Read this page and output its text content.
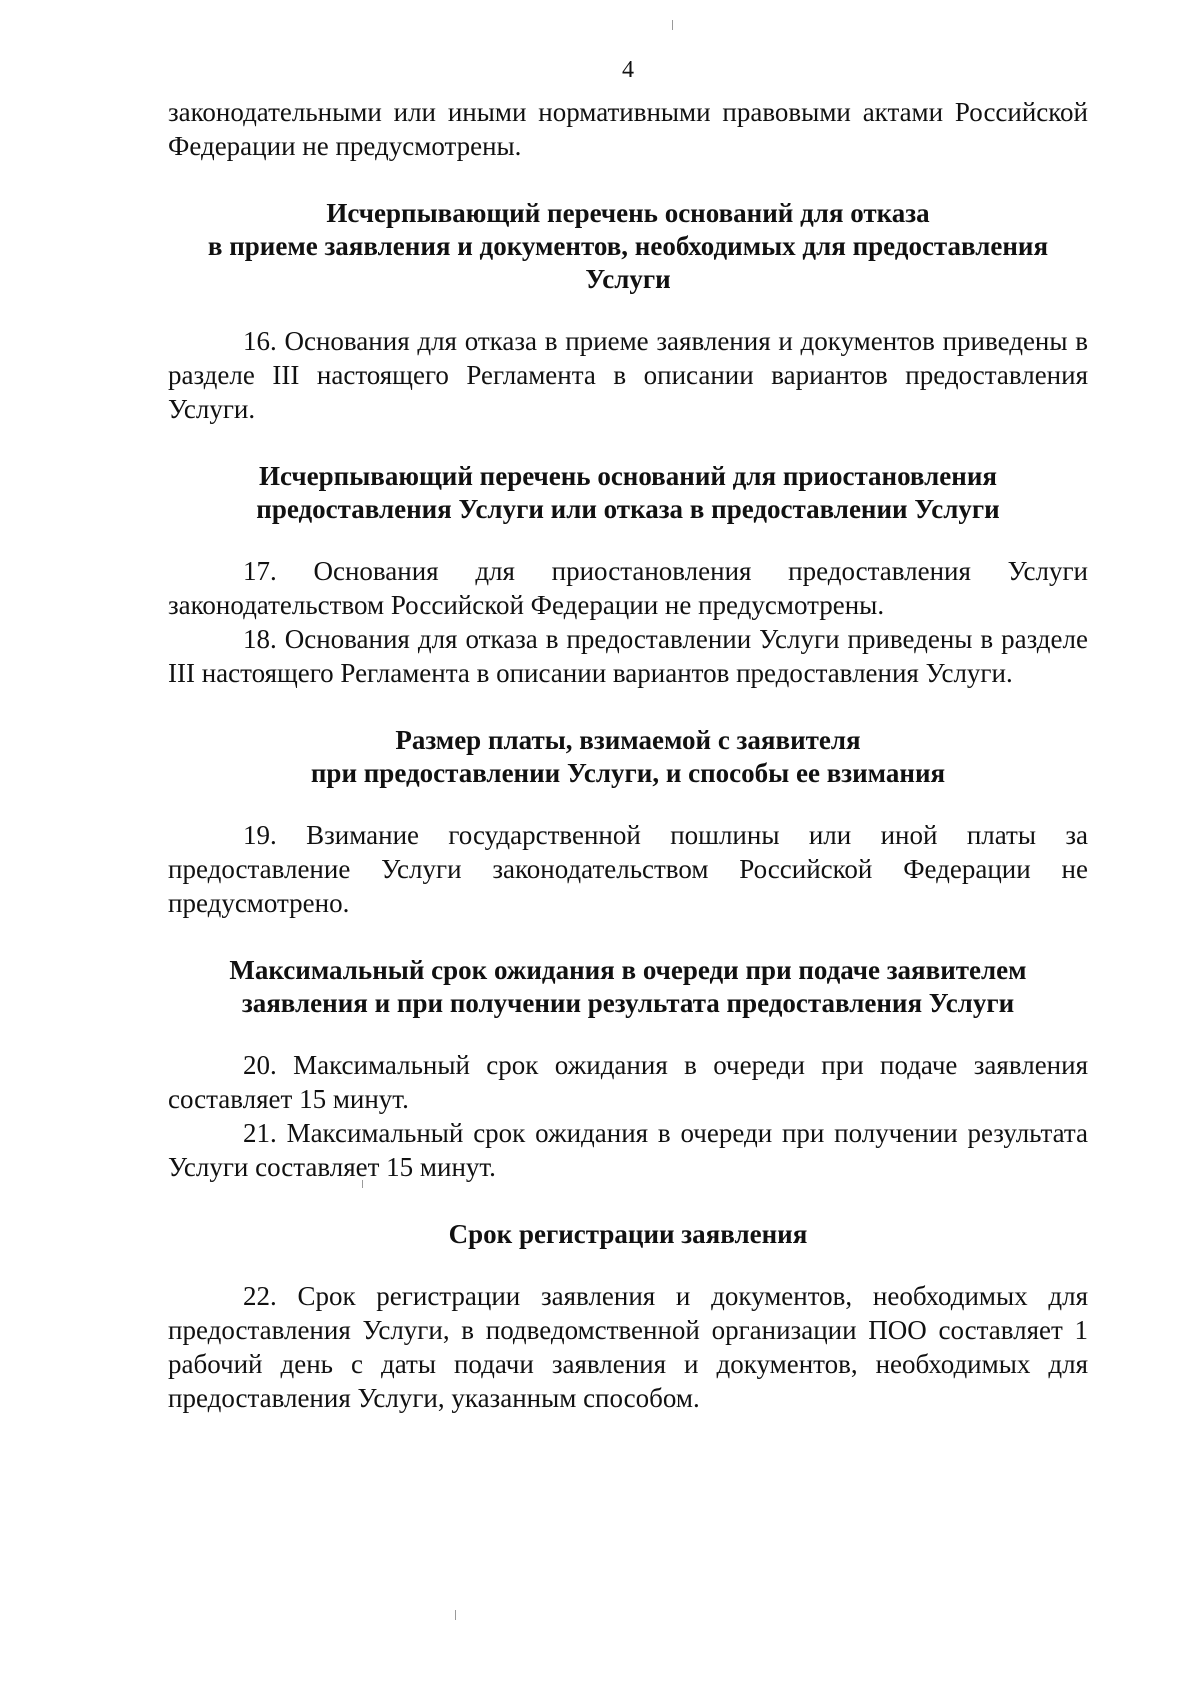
4

законодательными или иными нормативными правовыми актами Российской Федерации не предусмотрены.

Исчерпывающий перечень оснований для отказа
в приеме заявления и документов, необходимых для предоставления
Услуги

16. Основания для отказа в приеме заявления и документов приведены в разделе III настоящего Регламента в описании вариантов предоставления Услуги.

Исчерпывающий перечень оснований для приостановления
предоставления Услуги или отказа в предоставлении Услуги

17. Основания для приостановления предоставления Услуги законодательством Российской Федерации не предусмотрены.

18. Основания для отказа в предоставлении Услуги приведены в разделе III настоящего Регламента в описании вариантов предоставления Услуги.

Размер платы, взимаемой с заявителя
при предоставлении Услуги, и способы ее взимания

19. Взимание государственной пошлины или иной платы за предоставление Услуги законодательством Российской Федерации не предусмотрено.

Максимальный срок ожидания в очереди при подаче заявителем
заявления и при получении результата предоставления Услуги

20. Максимальный срок ожидания в очереди при подаче заявления составляет 15 минут.

21. Максимальный срок ожидания в очереди при получении результата Услуги составляет 15 минут.

Срок регистрации заявления

22. Срок регистрации заявления и документов, необходимых для предоставления Услуги, в подведомственной организации ПОО составляет 1 рабочий день с даты подачи заявления и документов, необходимых для предоставления Услуги, указанным способом.
